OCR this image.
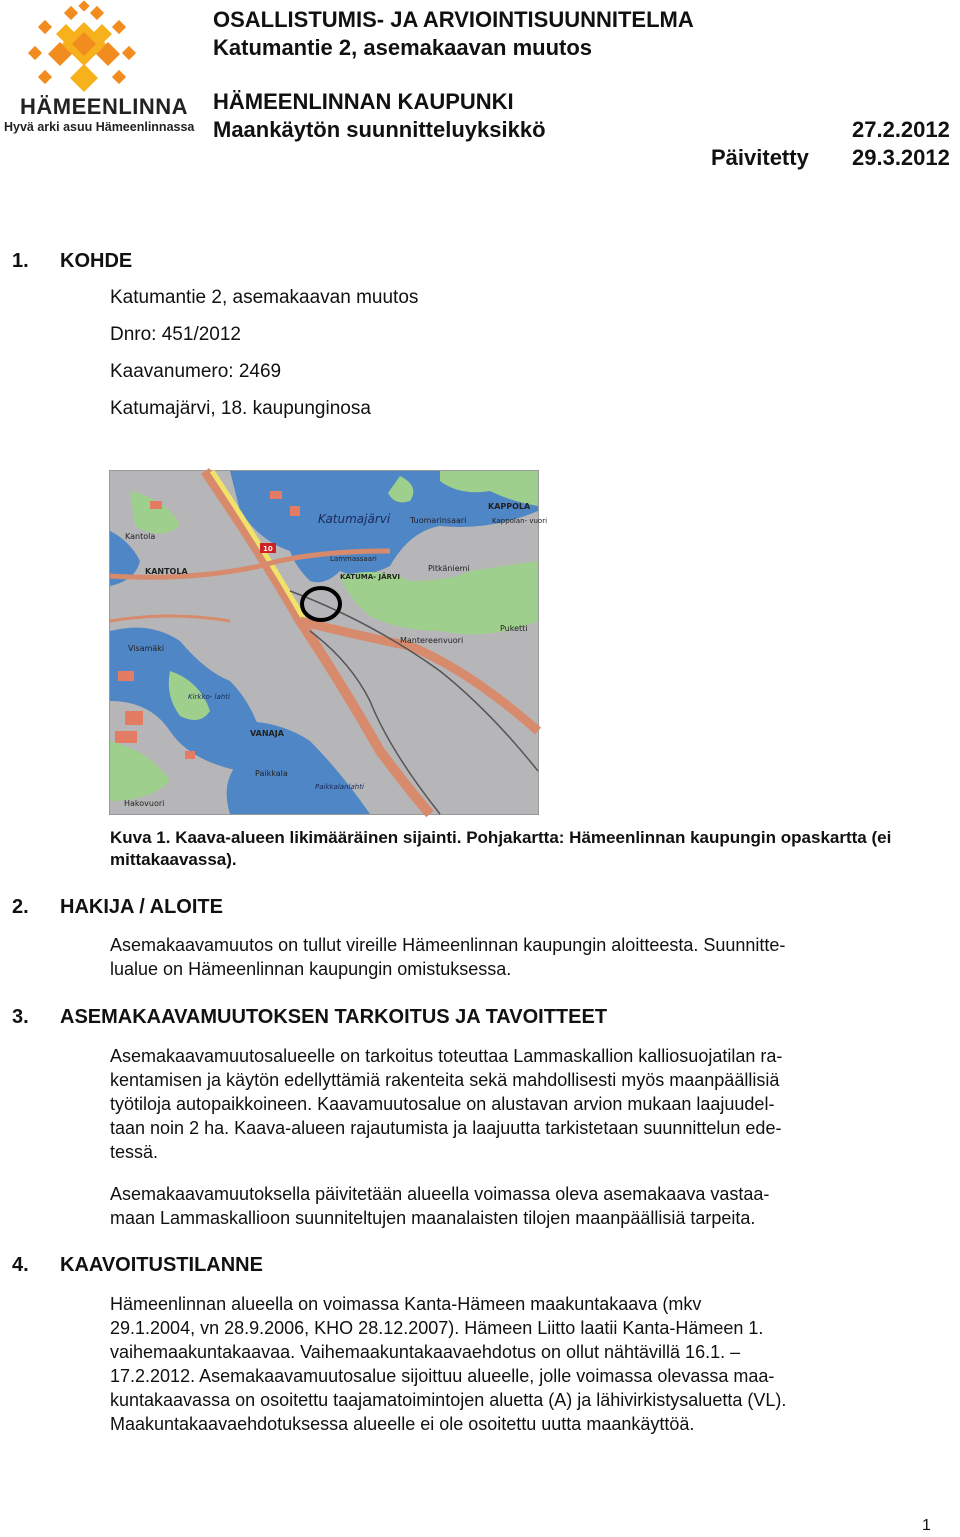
HÄMEENLINNA
Hyvä arki asuu Hämeenlinnassa
OSALLISTUMIS- JA ARVIOINTISUUNNITELMA
Katumantie 2, asemakaavan muutos
HÄMEENLINNAN KAUPUNKI
Maankäytön suunnitteluyksikkö	27.2.2012
Päivitetty 29.3.2012
1. KOHDE
Katumantie 2, asemakaavan muutos
Dnro: 451/2012
Kaavanumero: 2469
Katumajärvi, 18. kaupunginosa
10
Katumajärvi Tuomarinsaari
KAPPOLA
Kappolan- vuori
Kantola
KANTOLA
Lammassaari
KATUMA- JÄRVI
Pitkäniemi
Mantereenvuori
Puketti
Visamäki
Kirkko- lahti
VANAJA
Paikkala
Paikkalanlahti
Hakovuori
Kuva 1. Kaava-alueen likimääräinen sijainti. Pohjakartta: Hämeenlinnan kaupungin opaskartta (ei mittakaavassa).
2. HAKIJA / ALOITE
Asemakaavamuutos on tullut vireille Hämeenlinnan kaupungin aloitteesta. Suunnitte-
lualue on Hämeenlinnan kaupungin omistuksessa.
3. ASEMAKAAVAMUUTOKSEN TARKOITUS JA TAVOITTEET
Asemakaavamuutosalueelle on tarkoitus toteuttaa Lammaskallion kalliosuojatilan ra-
kentamisen ja käytön edellyttämiä rakenteita sekä mahdollisesti myös maanpäällisiä
työtiloja autopaikkoineen. Kaavamuutosalue on alustavan arvion mukaan laajuudel-
taan noin 2 ha. Kaava-alueen rajautumista ja laajuutta tarkistetaan suunnittelun ede-
tessä.
Asemakaavamuutoksella päivitetään alueella voimassa oleva asemakaava vastaa-
maan Lammaskallioon suunniteltujen maanalaisten tilojen maanpäällisiä tarpeita.
4. KAAVOITUSTILANNE
Hämeenlinnan alueella on voimassa Kanta-Hämeen maakuntakaava (mkv
29.1.2004, vn 28.9.2006, KHO 28.12.2007). Hämeen Liitto laatii Kanta-Hämeen 1.
vaihemaakuntakaavaa. Vaihemaakuntakaavaehdotus on ollut nähtävillä 16.1. –
17.2.2012. Asemakaavamuutosalue sijoittuu alueelle, jolle voimassa olevassa maa-
kuntakaavassa on osoitettu taajamatoimintojen aluetta (A) ja lähivirkistysaluetta (VL).
Maakuntakaavaehdotuksessa alueelle ei ole osoitettu uutta maankäyttöä.
1
